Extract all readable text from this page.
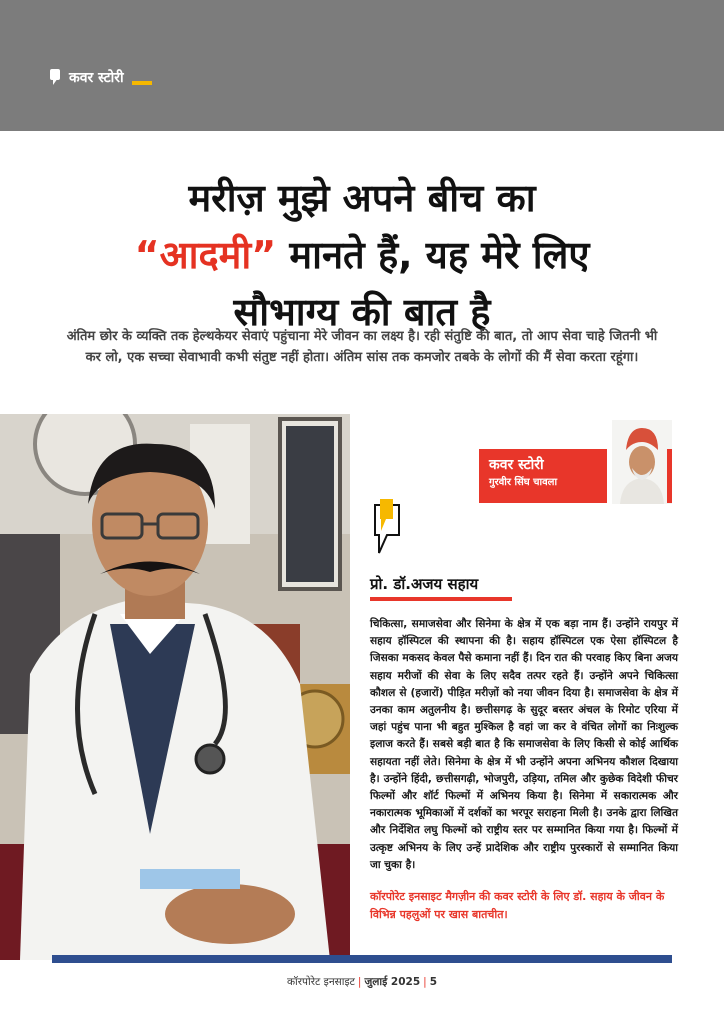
कवर स्टोरी
मरीज़ मुझे अपने बीच का
“आदमी” मानते हैं, यह मेरे लिए
सौभाग्य की बात है

अंतिम छोर के व्यक्ति तक हेल्थकेयर सेवाएं पहुंचाना मेरे जीवन का लक्ष्य है। रही संतुष्टि की बात, तो आप सेवा चाहे जितनी भी कर लो, एक सच्चा सेवाभावी कभी संतुष्ट नहीं होता। अंतिम सांस तक कमजोर तबके के लोगों की मैं सेवा करता रहूंगा।

कवर स्टोरी
गुरवीर सिंघ चावला
प्रो. डॉ.अजय सहाय

चिकित्सा, समाजसेवा और सिनेमा के क्षेत्र में एक बड़ा नाम हैं। उन्होंने रायपुर में सहाय हॉस्पिटल की स्थापना की है। सहाय हॉस्पिटल एक ऐसा हॉस्पिटल है जिसका मकसद केवल पैसे कमाना नहीं हैं। दिन रात की परवाह किए बिना अजय सहाय मरीजों की सेवा के लिए सदैव तत्पर रहते हैं। उन्होंने अपने चिकित्सा कौशल से (हजारों) पीड़ित मरीज़ों को नया जीवन दिया है। समाजसेवा के क्षेत्र में उनका काम अतुलनीय है। छत्तीसगढ़ के सुदूर बस्तर अंचल के रिमोट एरिया में जहां पहुंच पाना भी बहुत मुश्किल है वहां जा कर वे वंचित लोगों का निःशुल्क इलाज करते हैं। सबसे बड़ी बात है कि समाजसेवा के लिए किसी से कोई आर्थिक सहायता नहीं लेते। सिनेमा के क्षेत्र में भी उन्होंने अपना अभिनय कौशल दिखाया है। उन्होंने हिंदी, छत्तीसगढ़ी, भोजपुरी, उड़िया, तमिल और कुछेक विदेशी फीचर फिल्मों और शॉर्ट फिल्मों में अभिनय किया है। सिनेमा में सकारात्मक और नकारात्मक भूमिकाओं में दर्शकों का भरपूर सराहना मिली है। उनके द्वारा लिखित और निर्देशित लघु फिल्मों को राष्ट्रीय स्तर पर सम्मानित किया गया है। फिल्मों में उत्कृष्ट अभिनय के लिए उन्हें प्रादेशिक और राष्ट्रीय पुरस्कारों से सम्मानित किया जा चुका है।

कॉरपोरेट इनसाइट मैगज़ीन की कवर स्टोरी के लिए डॉ. सहाय के जीवन के विभिन्न पहलुओं पर खास बातचीत।

कॉरपोरेट इनसाइट | जुलाई 2025 | 5
